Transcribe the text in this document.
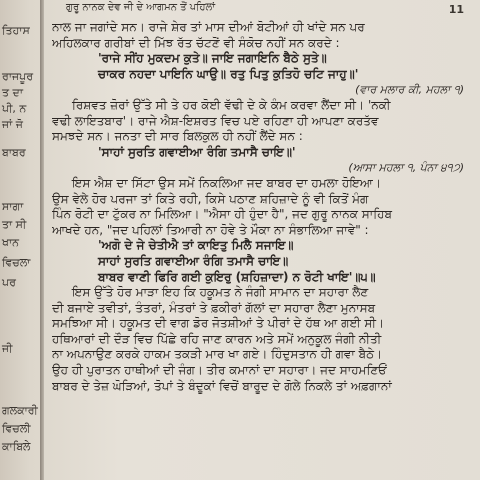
ਤਿਹਾਸ
ਰਾਜਪੂਰ
ਤ ਦਾ
ਪੀ, ਨ
ਜਾਂ ਜੋ
ਬਾਬਰ
ਸਾਗਾ
ਤਾ ਸੀ
ਖਾਨ
ਵਿਚਲਾ
ਪਰ
ਜੀ
ਗਲਕਾਰੀ
ਵਿਚਲੀ
ਕਾਬਿਲੇ
ਗੁਰੂ ਨਾਨਕ ਦੇਵ ਜੀ ਦੇ ਆਗਮਨ ਤੋਂ ਪਹਿਲਾਂ	11
ਨਾਲ ਜਾ ਜਗਾਂਦੇ ਸਨ। ਰਾਜੇ ਸ਼ੇਰ ਤਾਂ ਮਾਸ ਦੀਆਂ ਬੋਟੀਆਂ ਹੀ ਖਾਂਦੇ ਸਨ ਪਰ
ਅਹਿਲਕਾਰ ਗਰੀਬਾਂ ਦੀ ਮਿੱਝ ਰੱਤ ਚੱਟਣੋਂ ਵੀ ਸੰਕੋਚ ਨਹੀਂ ਸਨ ਕਰਦੇ :
'ਰਾਜੇ ਸੀਂਹ ਮੁਕਦਮ ਕੁਤੇ॥ ਜਾਇ ਜਗਾਇਨਿ ਬੈਠੇ ਸੁਤੇ॥
ਚਾਕਰ ਨਹਦਾ ਪਾਇਨਿ ਘਾਉ॥ ਰਤੁ ਪਿਤੁ ਕੁਤਿਹੋ ਚਟਿ ਜਾਹੁ॥'
(ਵਾਰ ਮਲਾਰ ਕੀ, ਮਹਲਾ ੧)
ਰਿਸ਼ਵਤ ਜ਼ੋਰਾਂ ਉੱਤੇ ਸੀ ਤੇ ਹਰ ਕੋਈ ਵੱਢੀ ਦੇ ਕੇ ਕੰਮ ਕਰਵਾ ਲੈਂਦਾ ਸੀ। 'ਨਕੀ
ਵਢੀ ਲਾਇਤਬਾਰ'। ਰਾਜੇ ਐਸ਼-ਇਸ਼ਰਤ ਵਿਚ ਪਏ ਰਹਿਣਾ ਹੀ ਆਪਣਾ ਕਰਤੱਵ
ਸਮਝਦੇ ਸਨ। ਜਨਤਾ ਦੀ ਸਾਰ ਬਿਲਕੁਲ ਹੀ ਨਹੀਂ ਲੈਂਦੇ ਸਨ :
'ਸਾਹਾਂ ਸੁਰਤਿ ਗਵਾਈਆ ਰੰਗਿ ਤਮਾਸੈ ਚਾਇ॥'
(ਆਸਾ ਮਹਲਾ ੧, ਪੰਨਾ ੪੧੭)
ਇਸ ਐਸ਼ ਦਾ ਸਿੱਟਾ ਉਸ ਸਮੇਂ ਨਿਕਲਿਆ ਜਦ ਬਾਬਰ ਦਾ ਹਮਲਾ ਹੋਇਆ।
ਉਸ ਵੇਲੇ ਹੋਰ ਪਰਜਾ ਤਾਂ ਕਿਤੇ ਰਹੀ, ਕਿਸੇ ਪਠਾਣ ਸ਼ਹਿਜ਼ਾਦੇ ਨੂੰ ਵੀ ਕਿਤੋਂ ਮੰਗ
ਪਿੰਨ ਰੋਟੀ ਦਾ ਟੁੱਕਰ ਨਾ ਮਿਲਿਆ। "ਐਸਾ ਹੀ ਹੁੰਦਾ ਹੈ", ਜਦ ਗੁਰੂ ਨਾਨਕ ਸਾਹਿਬ
ਆਖਦੇ ਹਨ, "ਜਦ ਪਹਿਲਾਂ ਤਿਆਰੀ ਨਾ ਹੋਵੇ ਤੇ ਮੌਕਾ ਨਾ ਸੰਭਾਲਿਆ ਜਾਵੇ" :
'ਅਗੋ ਦੇ ਜੇ ਚੇਤੀਐ ਤਾਂ ਕਾਇਤੁ ਮਿਲੈ ਸਜਾਇ॥
ਸਾਹਾਂ ਸੁਰਤਿ ਗਵਾਈਆ ਰੰਗਿ ਤਮਾਸੈ ਚਾਇ॥
ਬਾਬਰ ਵਾਣੀ ਫਿਰਿ ਗਈ ਕੁਇਰੁ (ਸ਼ਹਿਜ਼ਾਦਾ) ਨ ਰੋਟੀ ਖਾਇ'॥੫॥
ਇਸ ਉੱਤੇ ਹੋਰ ਮਾੜਾ ਇਹ ਕਿ ਹਕੂਮਤ ਨੇ ਜੰਗੀ ਸਾਮਾਨ ਦਾ ਸਹਾਰਾ ਲੈਣ
ਦੀ ਬਜਾਏ ਤਵੀਤਾਂ, ਤੰਤਰਾਂ, ਮੰਤਰਾਂ ਤੇ ਫ਼ਕੀਰਾਂ ਗੱਲਾਂ ਦਾ ਸਹਾਰਾ ਲੈਣਾ ਮੁਨਾਸਬ
ਸਮਝਿਆ ਸੀ। ਹਕੂਮਤ ਦੀ ਵਾਗ ਡੋਰ ਜੋਤਸ਼ੀਆਂ ਤੇ ਪੀਰਾਂ ਦੇ ਹੱਥ ਆ ਗਈ ਸੀ।
ਹਥਿਆਰਾਂ ਦੀ ਦੌੜ ਵਿਚ ਪਿੱਛੇ ਰਹਿ ਜਾਣ ਕਾਰਨ ਅਤੇ ਸਮੇਂ ਅਨੁਕੂਲ ਜੰਗੀ ਨੀਤੀ
ਨਾ ਅਪਨਾਉਣ ਕਰਕੇ ਹਾਕਮ ਤਕੜੀ ਮਾਰ ਖਾ ਗਏ। ਹਿੰਦੁਸਤਾਨ ਹੀ ਗਵਾ ਬੈਠੇ।
ਉਹ ਹੀ ਪੁਰਾਤਨ ਹਾਥੀਆਂ ਦੀ ਜੰਗ। ਤੀਰ ਕਮਾਨਾਂ ਦਾ ਸਹਾਰਾ। ਜਦ ਸਾਹਮਣਿਓਂ
ਬਾਬਰ ਦੇ ਤੇਜ਼ ਘੋੜਿਆਂ, ਤੋਪਾਂ ਤੇ ਬੰਦੂਕਾਂ ਵਿਚੋਂ ਬਾਰੂਦ ਦੇ ਗੋਲੇ ਨਿਕਲੇ ਤਾਂ ਅਫ਼ਗਾਨਾਂ
